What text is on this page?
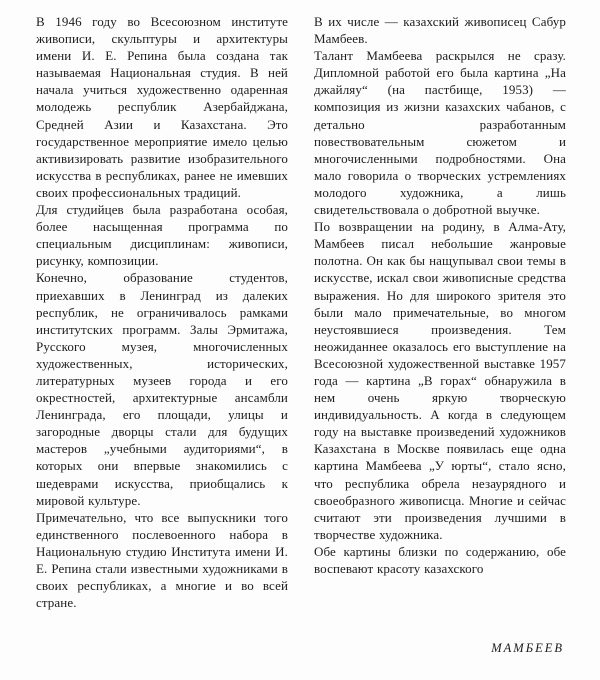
В 1946 году во Всесоюзном институте живописи, скульптуры и архитектуры имени И. Е. Репина была создана так называемая Национальная студия. В ней начала учиться художественно одаренная молодежь республик Азербайджана, Средней Азии и Казахстана. Это государственное мероприятие имело целью активизировать развитие изобразительного искусства в республиках, ранее не имевших своих профессиональных традиций.

Для студийцев была разработана особая, более насыщенная программа по специальным дисциплинам: живописи, рисунку, композиции.

Конечно, образование студентов, приехавших в Ленинград из далеких республик, не ограничивалось рамками институтских программ. Залы Эрмитажа, Русского музея, многочисленных художественных, исторических, литературных музеев города и его окрестностей, архитектурные ансамбли Ленинграда, его площади, улицы и загородные дворцы стали для будущих мастеров „учебными аудиториями“, в которых они впервые знакомились с шедеврами искусства, приобщались к мировой культуре.

Примечательно, что все выпускники того единственного послевоенного набора в Национальную студию Института имени И. Е. Репина стали известными художниками в своих республиках, а многие и во всей стране.

В их числе — казахский живописец Сабур Мамбеев.

Талант Мамбеева раскрылся не сразу. Дипломной работой его была картина „На джайляу“ (на пастбище, 1953) — композиция из жизни казахских чабанов, с детально разработанным повествовательным сюжетом и многочисленными подробностями. Она мало говорила о творческих устремлениях молодого художника, а лишь свидетельствовала о добротной выучке.

По возвращении на родину, в Алма-Ату, Мамбеев писал небольшие жанровые полотна. Он как бы нащупывал свои темы в искусстве, искал свои живописные средства выражения. Но для широкого зрителя это были мало примечательные, во многом неустоявшиеся произведения. Тем неожиданнее оказалось его выступление на Всесоюзной художественной выставке 1957 года — картина „В горах“ обнаружила в нем очень яркую творческую индивидуальность. А когда в следующем году на выставке произведений художников Казахстана в Москве появилась еще одна картина Мамбеева „У юрты“, стало ясно, что республика обрела незаурядного и своеобразного живописца. Многие и сейчас считают эти произведения лучшими в творчестве художника.

Обе картины близки по содержанию, обе воспевают красоту казахского

МАМБЕЕВ
